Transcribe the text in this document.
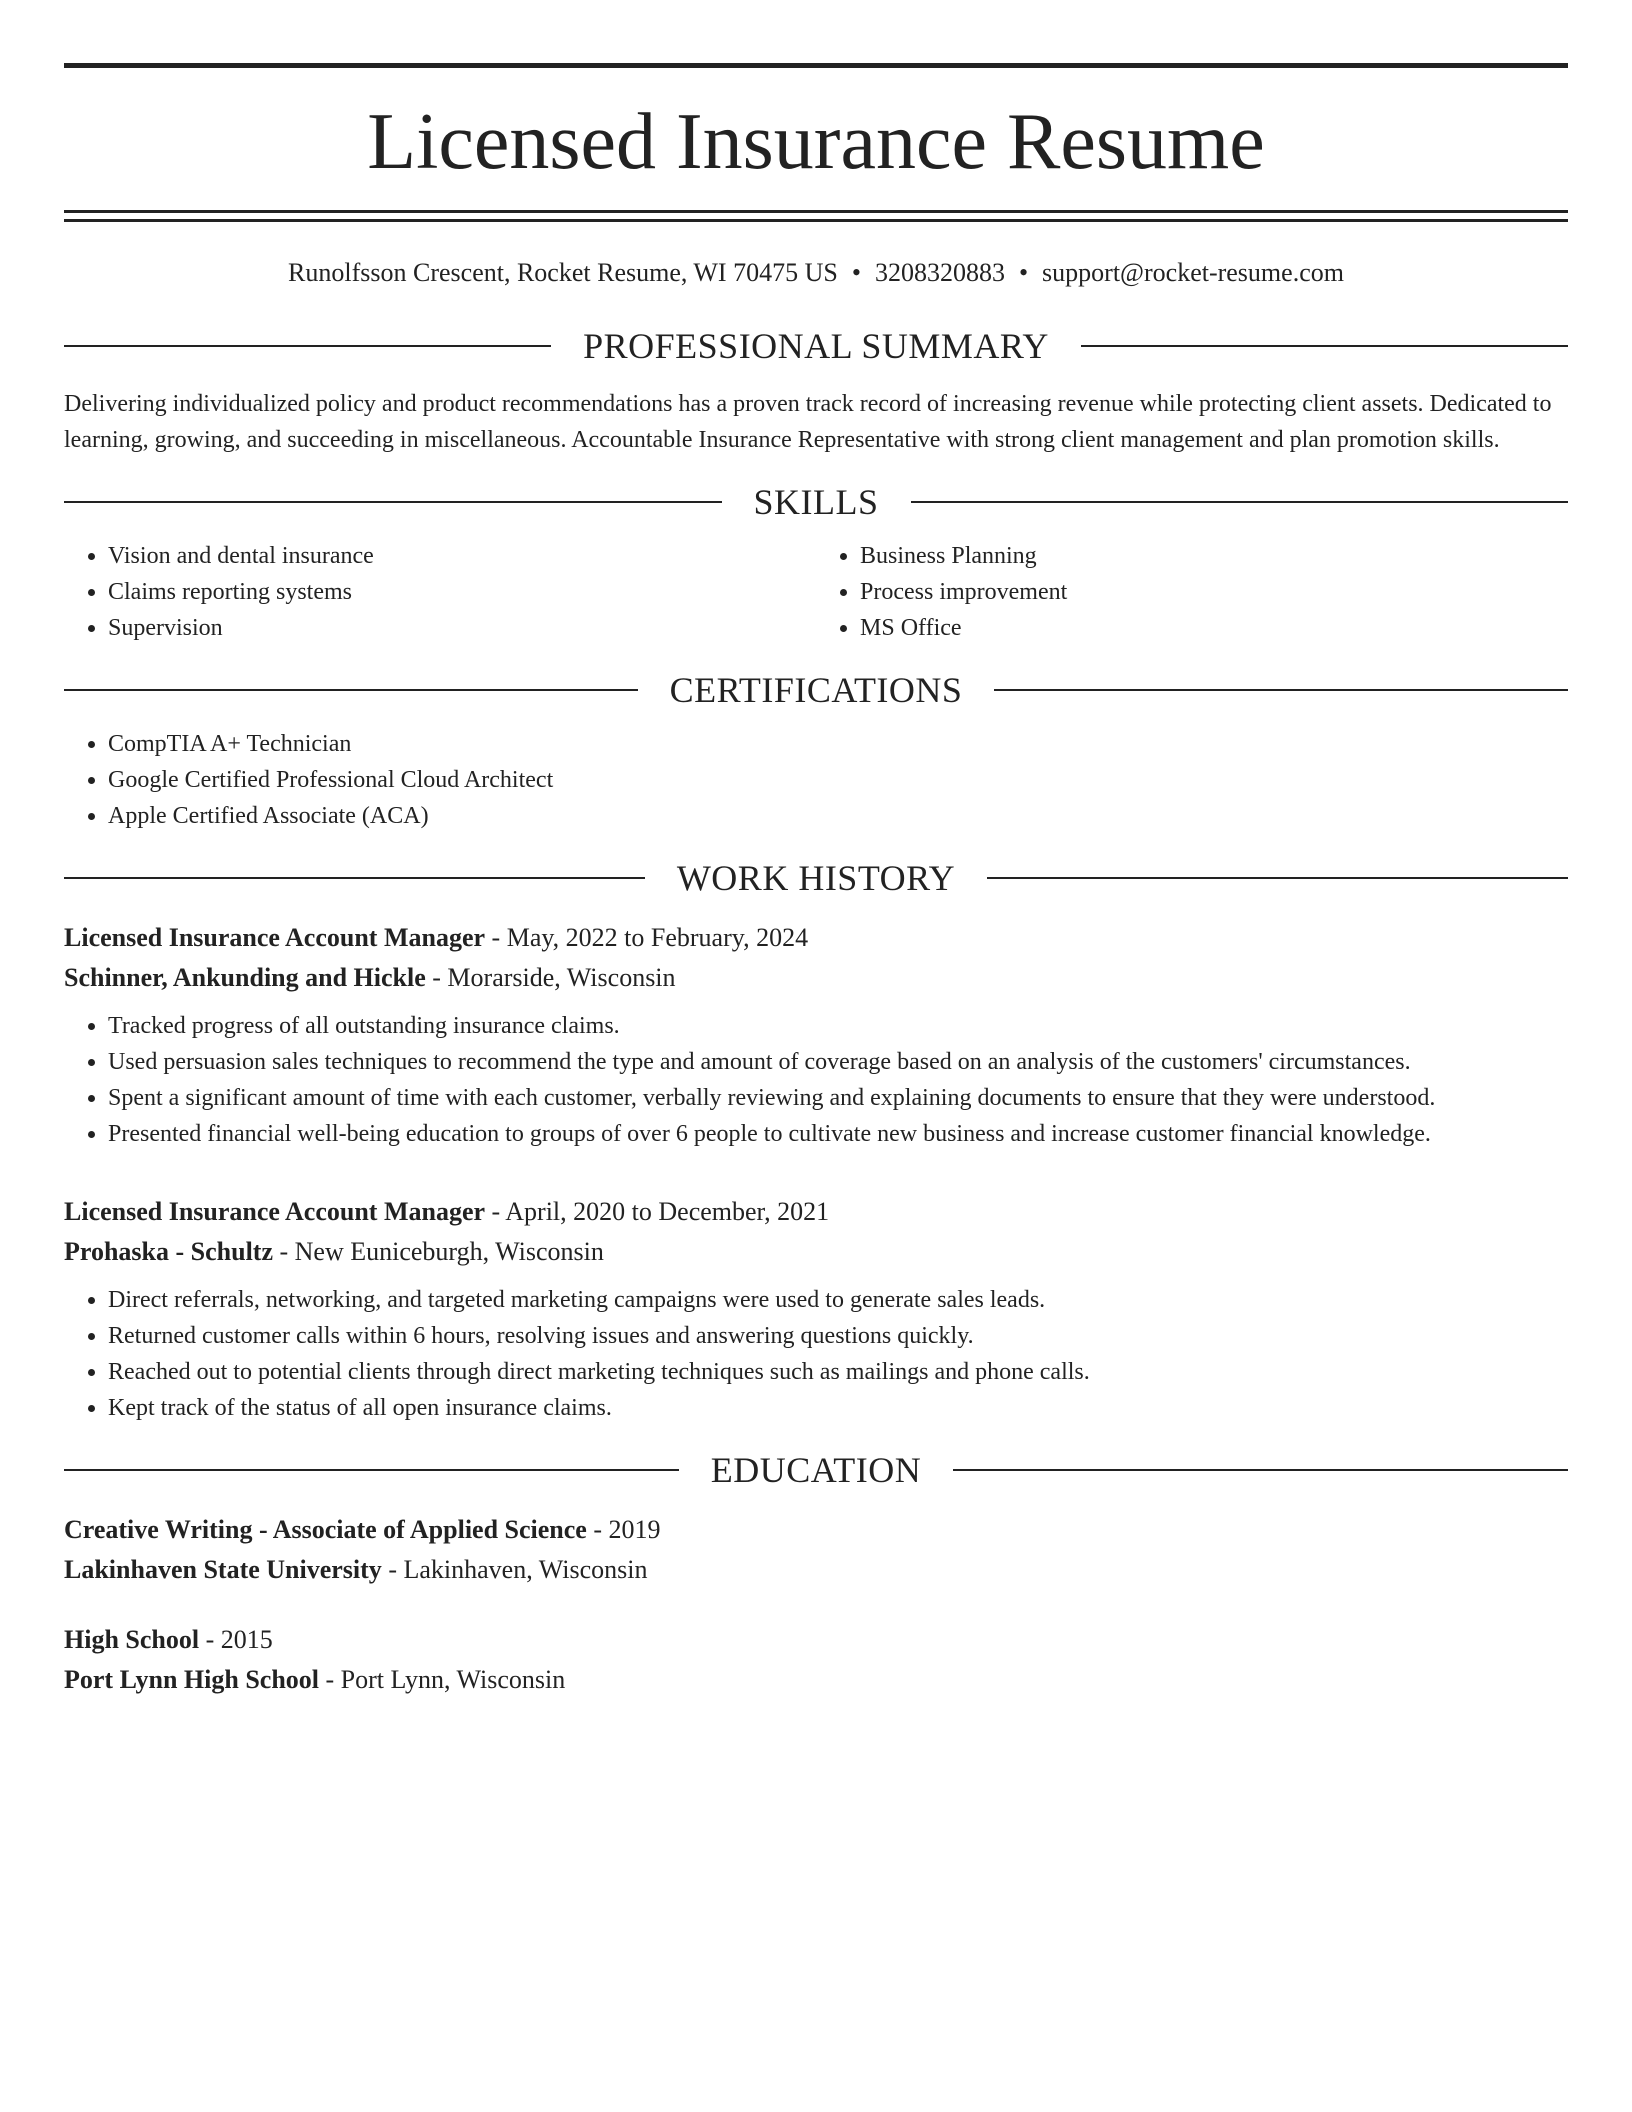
Licensed Insurance Resume
Runolfsson Crescent, Rocket Resume, WI 70475 US • 3208320883 • support@rocket-resume.com
PROFESSIONAL SUMMARY
Delivering individualized policy and product recommendations has a proven track record of increasing revenue while protecting client assets. Dedicated to learning, growing, and succeeding in miscellaneous. Accountable Insurance Representative with strong client management and plan promotion skills.
SKILLS
• Vision and dental insurance
• Claims reporting systems
• Supervision
• Business Planning
• Process improvement
• MS Office
CERTIFICATIONS
• CompTIA A+ Technician
• Google Certified Professional Cloud Architect
• Apple Certified Associate (ACA)
WORK HISTORY
Licensed Insurance Account Manager - May, 2022 to February, 2024
Schinner, Ankunding and Hickle - Morarside, Wisconsin
• Tracked progress of all outstanding insurance claims.
• Used persuasion sales techniques to recommend the type and amount of coverage based on an analysis of the customers' circumstances.
• Spent a significant amount of time with each customer, verbally reviewing and explaining documents to ensure that they were understood.
• Presented financial well-being education to groups of over 6 people to cultivate new business and increase customer financial knowledge.
Licensed Insurance Account Manager - April, 2020 to December, 2021
Prohaska - Schultz - New Euniceburgh, Wisconsin
• Direct referrals, networking, and targeted marketing campaigns were used to generate sales leads.
• Returned customer calls within 6 hours, resolving issues and answering questions quickly.
• Reached out to potential clients through direct marketing techniques such as mailings and phone calls.
• Kept track of the status of all open insurance claims.
EDUCATION
Creative Writing - Associate of Applied Science - 2019
Lakinhaven State University - Lakinhaven, Wisconsin
High School - 2015
Port Lynn High School - Port Lynn, Wisconsin
